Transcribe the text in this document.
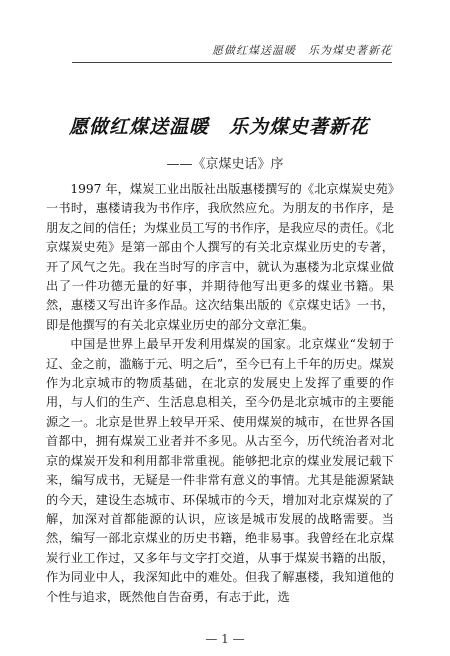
愿做红煤送温暖　乐为煤史著新花
愿做红煤送温暖　乐为煤史著新花
——《京煤史话》序

1997 年，煤炭工业出版社出版惠楼撰写的《北京煤炭史苑》一书时，惠楼请我为书作序，我欣然应允。为朋友的书作序，是朋友之间的信任；为煤业员工写的书作序，是我应尽的责任。《北京煤炭史苑》是第一部由个人撰写的有关北京煤业历史的专著，开了风气之先。我在当时写的序言中，就认为惠楼为北京煤业做出了一件功德无量的好事，并期待他写出更多的煤业书籍。果然，惠楼又写出许多作品。这次结集出版的《京煤史话》一书，即是他撰写的有关北京煤业历史的部分文章汇集。

中国是世界上最早开发利用煤炭的国家。北京煤业“发轫于辽、金之前，滥觞于元、明之后”，至今已有上千年的历史。煤炭作为北京城市的物质基础，在北京的发展史上发挥了重要的作用，与人们的生产、生活息息相关，至今仍是北京城市的主要能源之一。北京是世界上较早开采、使用煤炭的城市，在世界各国首都中，拥有煤炭工业者并不多见。从古至今，历代统治者对北京的煤炭开发和利用都非常重视。能够把北京的煤业发展记载下来，编写成书，无疑是一件非常有意义的事情。尤其是能源紧缺的今天，建设生态城市、环保城市的今天，增加对北京煤炭的了解，加深对首都能源的认识，应该是城市发展的战略需要。当然，编写一部北京煤业的历史书籍，绝非易事。我曾经在北京煤炭行业工作过，又多年与文字打交道，从事于煤炭书籍的出版，作为同业中人，我深知此中的难处。但我了解惠楼，我知道他的个性与追求，既然他自告奋勇，有志于此，选

— 1 —
